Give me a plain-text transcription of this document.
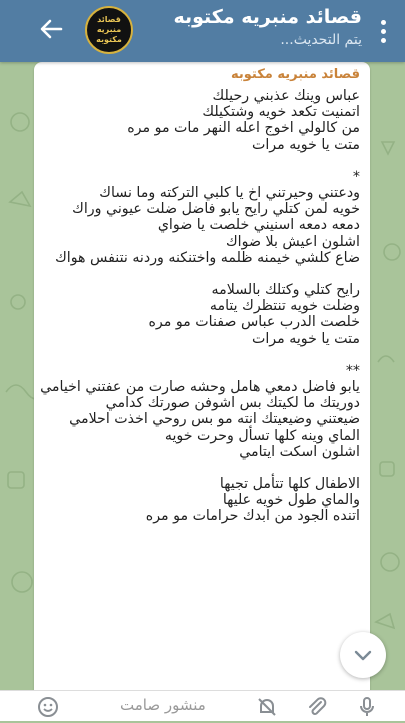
قصائد منبريه مكتوبه
يتم التحديث...
قصائد منبريه
مكتوبه
قصائد منبريه مكتوبه
عباس وينك عذبني رحيلك
اتمنيت تكعد خويه وشتكيلك
من كالولي اخوج اعله النهر مات مو مره
متت يا خويه مرات
*
ودعتني وحيرتني اخ يا كلبي التركته وما نساك
خويه لمن كتلي رايح يابو فاضل ضلت عيوني وراك
دمعه دمعه اسنيني خلصت يا ضواي
اشلون اعيش بلا ضواك
ضاع كلشي خيمنه ظلمه واختنكنه وردنه نتنفس هواك
رايح كتلي وكتلك بالسلامه
وضلت خويه تنتظرك يتامه
خلصت الدرب عباس صفنات مو مره
متت يا خويه مرات
**
يابو فاضل دمعي هامل وحشه صارت من عفتني اخيامي
دوريتك ما لكيتك بس اشوفن صورتك كدامي
ضيعتني وضيعيتك انته مو بس روحي اخذت احلامي
الماي وينه كلها تسأل وحرت خويه
اشلون اسكت ايتامي
الاطفال كلها تتأمل تجيها
والماي طول خويه عليها
اتنده الجود من ابدك حرامات مو مره
منشور صامت
